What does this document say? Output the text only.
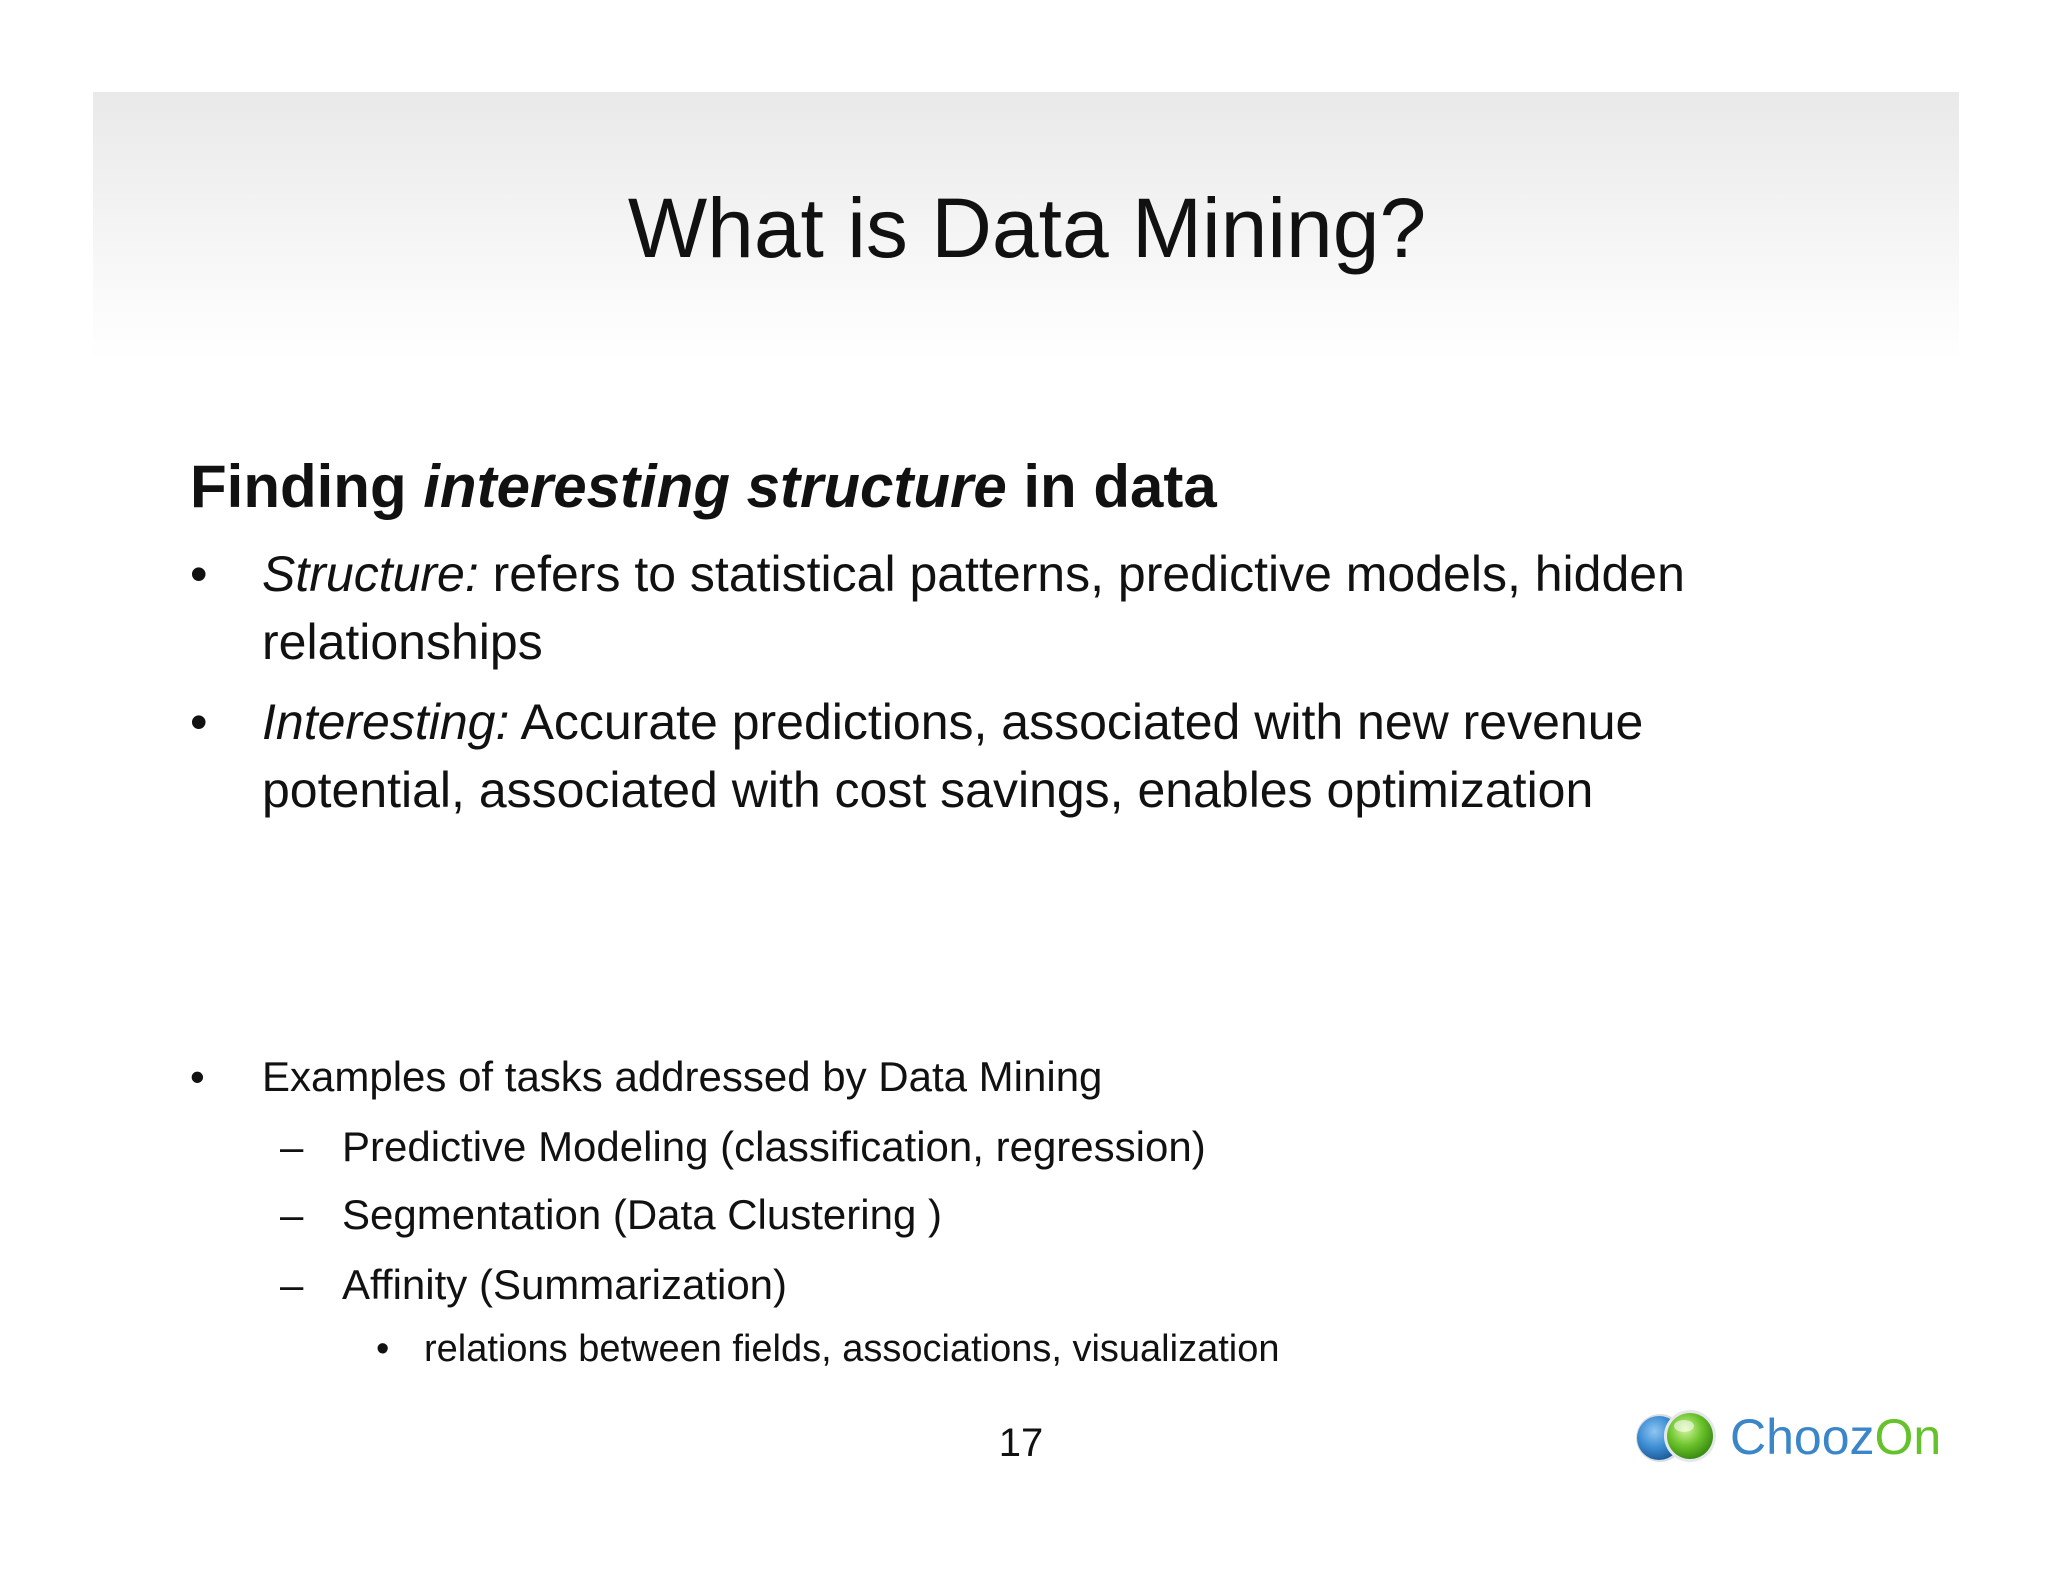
What is Data Mining?

Finding interesting structure in data

• Structure: refers to statistical patterns, predictive models, hidden
relationships
• Interesting: Accurate predictions, associated with new revenue
potential, associated with cost savings, enables optimization
• Examples of tasks addressed by Data Mining
– Predictive Modeling (classification, regression)
– Segmentation (Data Clustering )
– Affinity (Summarization)
• relations between fields, associations, visualization
17	ChoozOn
